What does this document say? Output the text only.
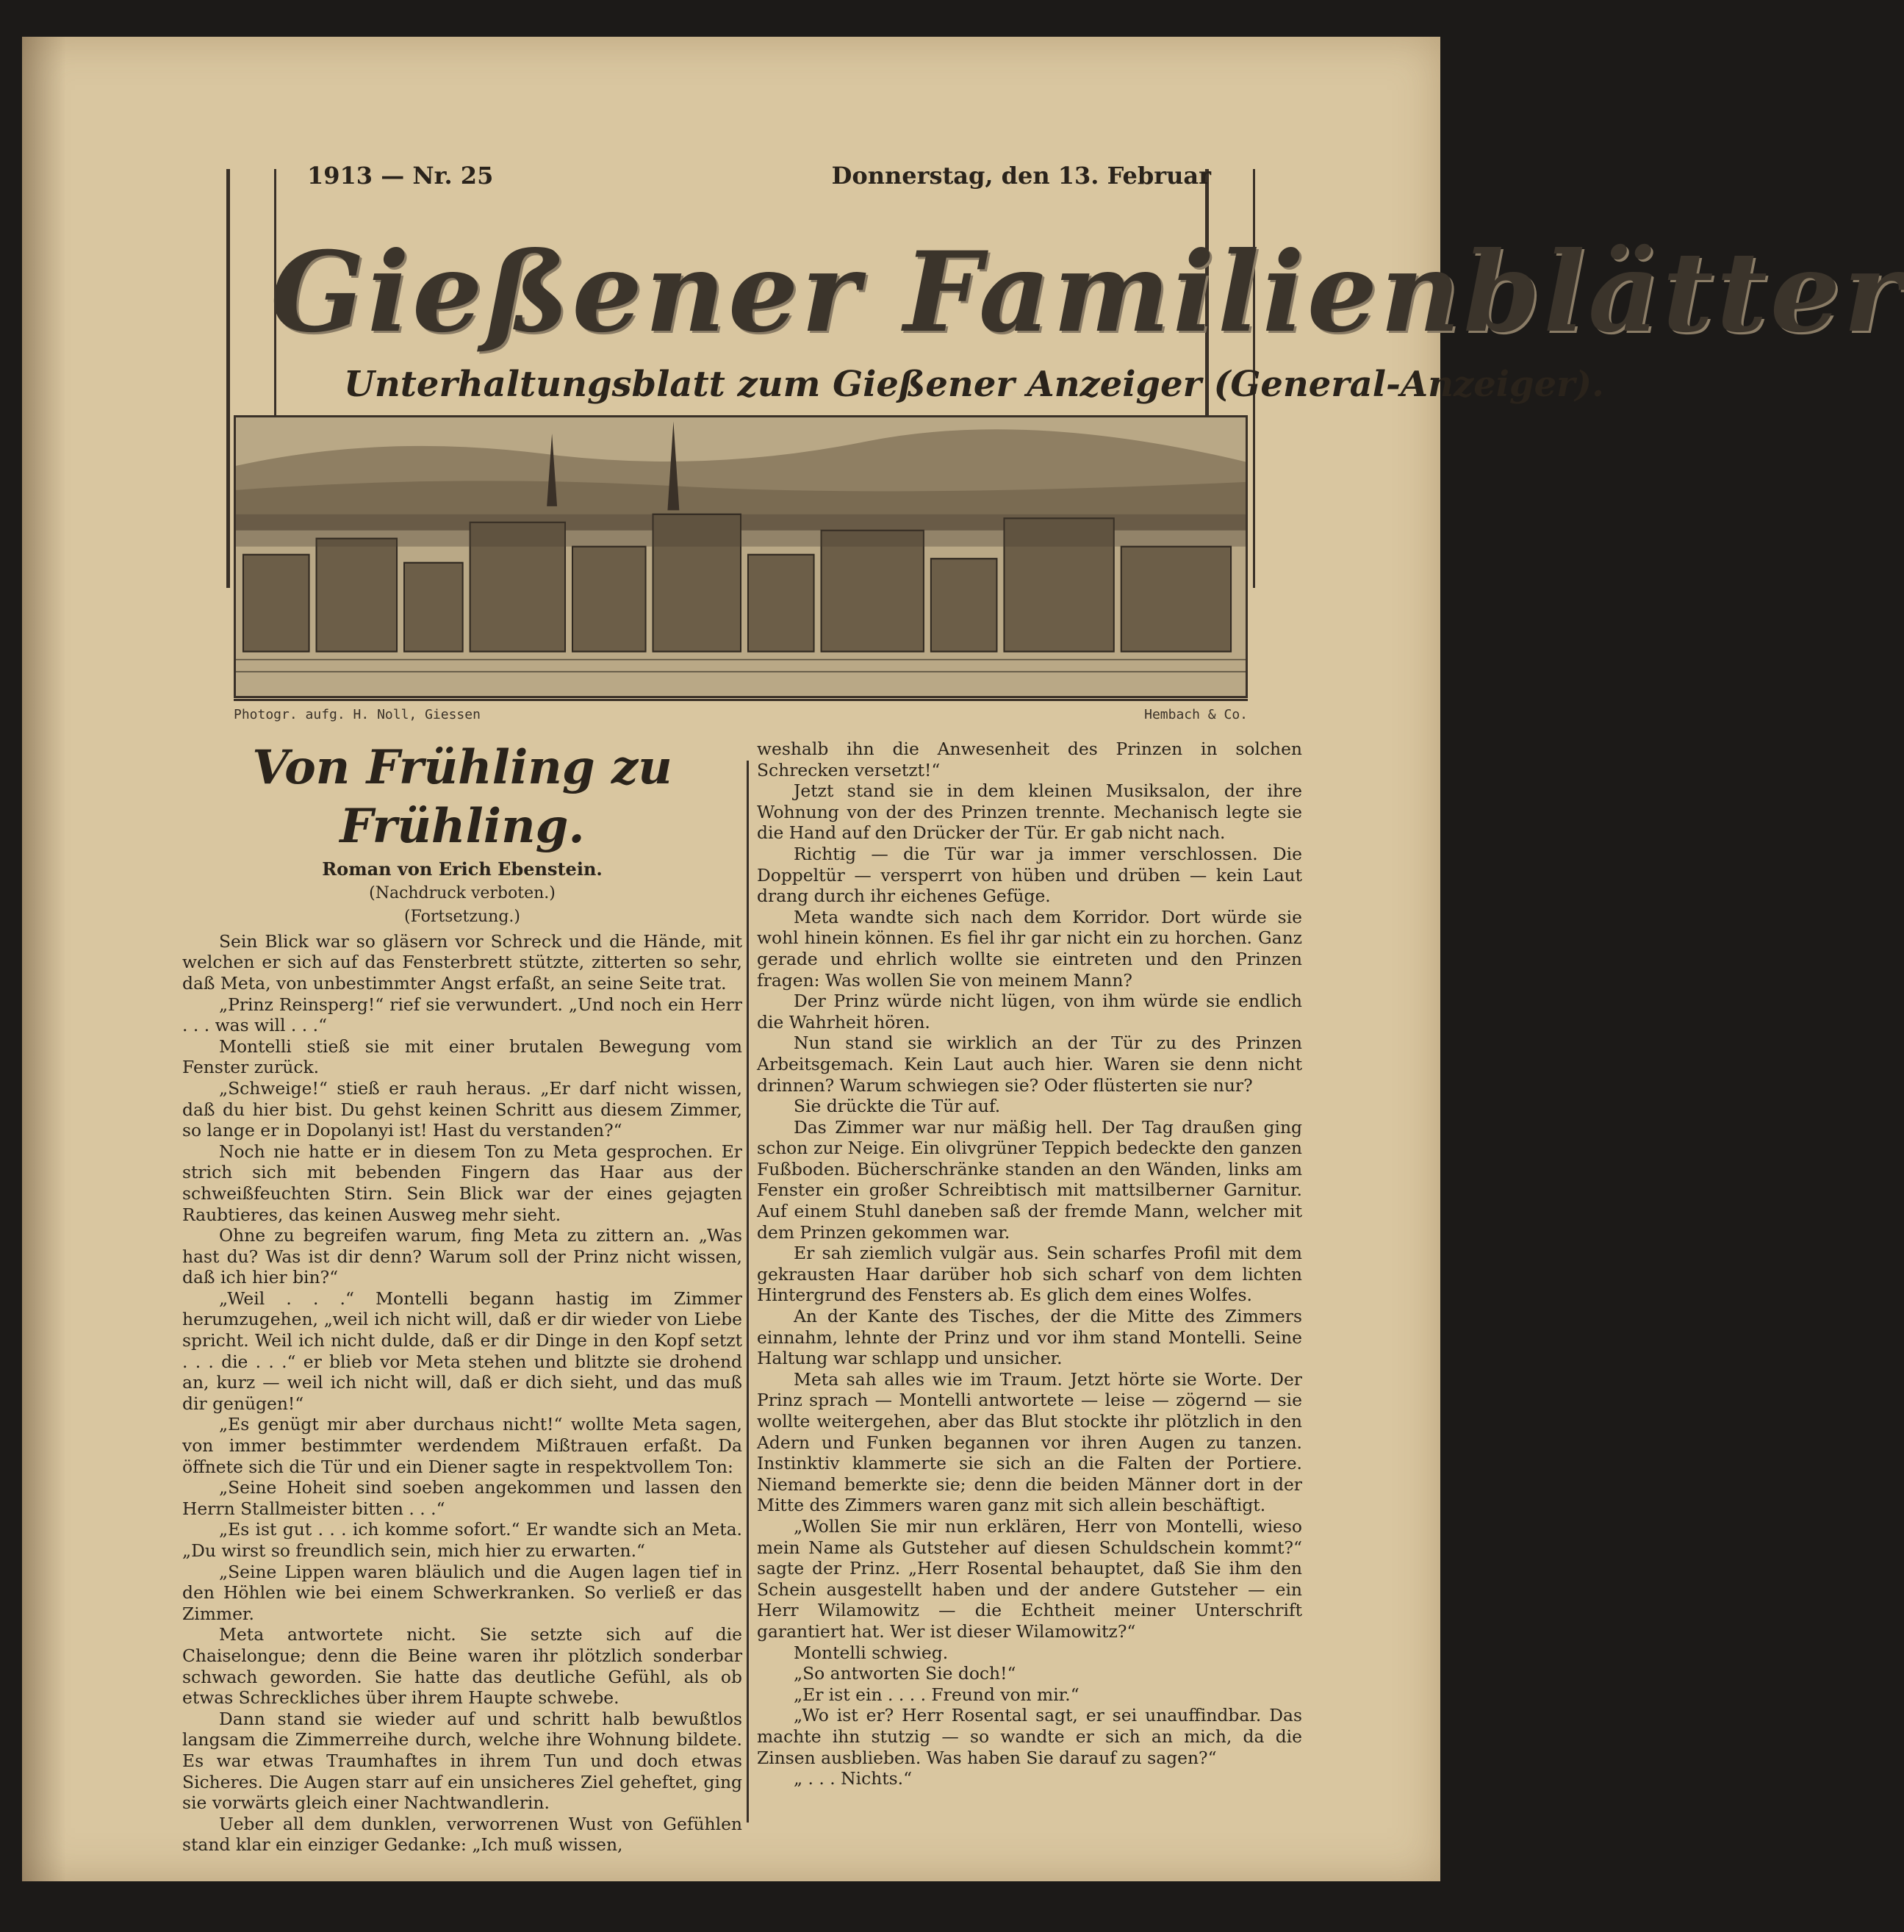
1913 — Nr. 25	Donnerstag, den 13. Februar
Gießener Familienblätter
Unterhaltungsblatt zum Gießener Anzeiger (General-Anzeiger).
Photogr. aufg. H. Noll, Giessen	Hembach & Co.
Von Frühling zu Frühling.
Roman von Erich Ebenstein.
(Nachdruck verboten.)
(Fortsetzung.)

Sein Blick war so gläsern vor Schreck und die Hände, mit welchen er sich auf das Fensterbrett stützte, zitterten so sehr, daß Meta, von unbestimmter Angst erfaßt, an seine Seite trat.

„Prinz Reinsperg!“ rief sie verwundert. „Und noch ein Herr . . . was will . . .“

Montelli stieß sie mit einer brutalen Bewegung vom Fenster zurück.

„Schweige!“ stieß er rauh heraus. „Er darf nicht wissen, daß du hier bist. Du gehst keinen Schritt aus diesem Zimmer, so lange er in Dopolanyi ist! Hast du verstanden?“

Noch nie hatte er in diesem Ton zu Meta gesprochen. Er strich sich mit bebenden Fingern das Haar aus der schweißfeuchten Stirn. Sein Blick war der eines gejagten Raubtieres, das keinen Ausweg mehr sieht.

Ohne zu begreifen warum, fing Meta zu zittern an. „Was hast du? Was ist dir denn? Warum soll der Prinz nicht wissen, daß ich hier bin?“

„Weil . . .“ Montelli begann hastig im Zimmer herumzugehen, „weil ich nicht will, daß er dir wieder von Liebe spricht. Weil ich nicht dulde, daß er dir Dinge in den Kopf setzt . . . die . . .“ er blieb vor Meta stehen und blitzte sie drohend an, kurz — weil ich nicht will, daß er dich sieht, und das muß dir genügen!“

„Es genügt mir aber durchaus nicht!“ wollte Meta sagen, von immer bestimmter werdendem Mißtrauen erfaßt. Da öffnete sich die Tür und ein Diener sagte in respektvollem Ton:

„Seine Hoheit sind soeben angekommen und lassen den Herrn Stallmeister bitten . . .“

„Es ist gut . . . ich komme sofort.“ Er wandte sich an Meta. „Du wirst so freundlich sein, mich hier zu erwarten.“

„Seine Lippen waren bläulich und die Augen lagen tief in den Höhlen wie bei einem Schwerkranken. So verließ er das Zimmer.

Meta antwortete nicht. Sie setzte sich auf die Chaiselongue; denn die Beine waren ihr plötzlich sonderbar schwach geworden. Sie hatte das deutliche Gefühl, als ob etwas Schreckliches über ihrem Haupte schwebe.

Dann stand sie wieder auf und schritt halb bewußtlos langsam die Zimmerreihe durch, welche ihre Wohnung bildete. Es war etwas Traumhaftes in ihrem Tun und doch etwas Sicheres. Die Augen starr auf ein unsicheres Ziel geheftet, ging sie vorwärts gleich einer Nachtwandlerin.

Ueber all dem dunklen, verworrenen Wust von Gefühlen stand klar ein einziger Gedanke: „Ich muß wissen,

weshalb ihn die Anwesenheit des Prinzen in solchen Schrecken versetzt!“

Jetzt stand sie in dem kleinen Musiksalon, der ihre Wohnung von der des Prinzen trennte. Mechanisch legte sie die Hand auf den Drücker der Tür. Er gab nicht nach.

Richtig — die Tür war ja immer verschlossen. Die Doppeltür — versperrt von hüben und drüben — kein Laut drang durch ihr eichenes Gefüge.

Meta wandte sich nach dem Korridor. Dort würde sie wohl hinein können. Es fiel ihr gar nicht ein zu horchen. Ganz gerade und ehrlich wollte sie eintreten und den Prinzen fragen: Was wollen Sie von meinem Mann?

Der Prinz würde nicht lügen, von ihm würde sie endlich die Wahrheit hören.

Nun stand sie wirklich an der Tür zu des Prinzen Arbeitsgemach. Kein Laut auch hier. Waren sie denn nicht drinnen? Warum schwiegen sie? Oder flüsterten sie nur?

Sie drückte die Tür auf.

Das Zimmer war nur mäßig hell. Der Tag draußen ging schon zur Neige. Ein olivgrüner Teppich bedeckte den ganzen Fußboden. Bücherschränke standen an den Wänden, links am Fenster ein großer Schreibtisch mit mattsilberner Garnitur. Auf einem Stuhl daneben saß der fremde Mann, welcher mit dem Prinzen gekommen war.

Er sah ziemlich vulgär aus. Sein scharfes Profil mit dem gekrausten Haar darüber hob sich scharf von dem lichten Hintergrund des Fensters ab. Es glich dem eines Wolfes.

An der Kante des Tisches, der die Mitte des Zimmers einnahm, lehnte der Prinz und vor ihm stand Montelli. Seine Haltung war schlapp und unsicher.

Meta sah alles wie im Traum. Jetzt hörte sie Worte. Der Prinz sprach — Montelli antwortete — leise — zögernd — sie wollte weitergehen, aber das Blut stockte ihr plötzlich in den Adern und Funken begannen vor ihren Augen zu tanzen. Instinktiv klammerte sie sich an die Falten der Portiere. Niemand bemerkte sie; denn die beiden Männer dort in der Mitte des Zimmers waren ganz mit sich allein beschäftigt.

„Wollen Sie mir nun erklären, Herr von Montelli, wieso mein Name als Gutsteher auf diesen Schuldschein kommt?“ sagte der Prinz. „Herr Rosental behauptet, daß Sie ihm den Schein ausgestellt haben und der andere Gutsteher — ein Herr Wilamowitz — die Echtheit meiner Unterschrift garantiert hat. Wer ist dieser Wilamowitz?“

Montelli schwieg.

„So antworten Sie doch!“

„Er ist ein . . . . Freund von mir.“

„Wo ist er? Herr Rosental sagt, er sei unauffindbar. Das machte ihn stutzig — so wandte er sich an mich, da die Zinsen ausblieben. Was haben Sie darauf zu sagen?“

„ . . . Nichts.“
